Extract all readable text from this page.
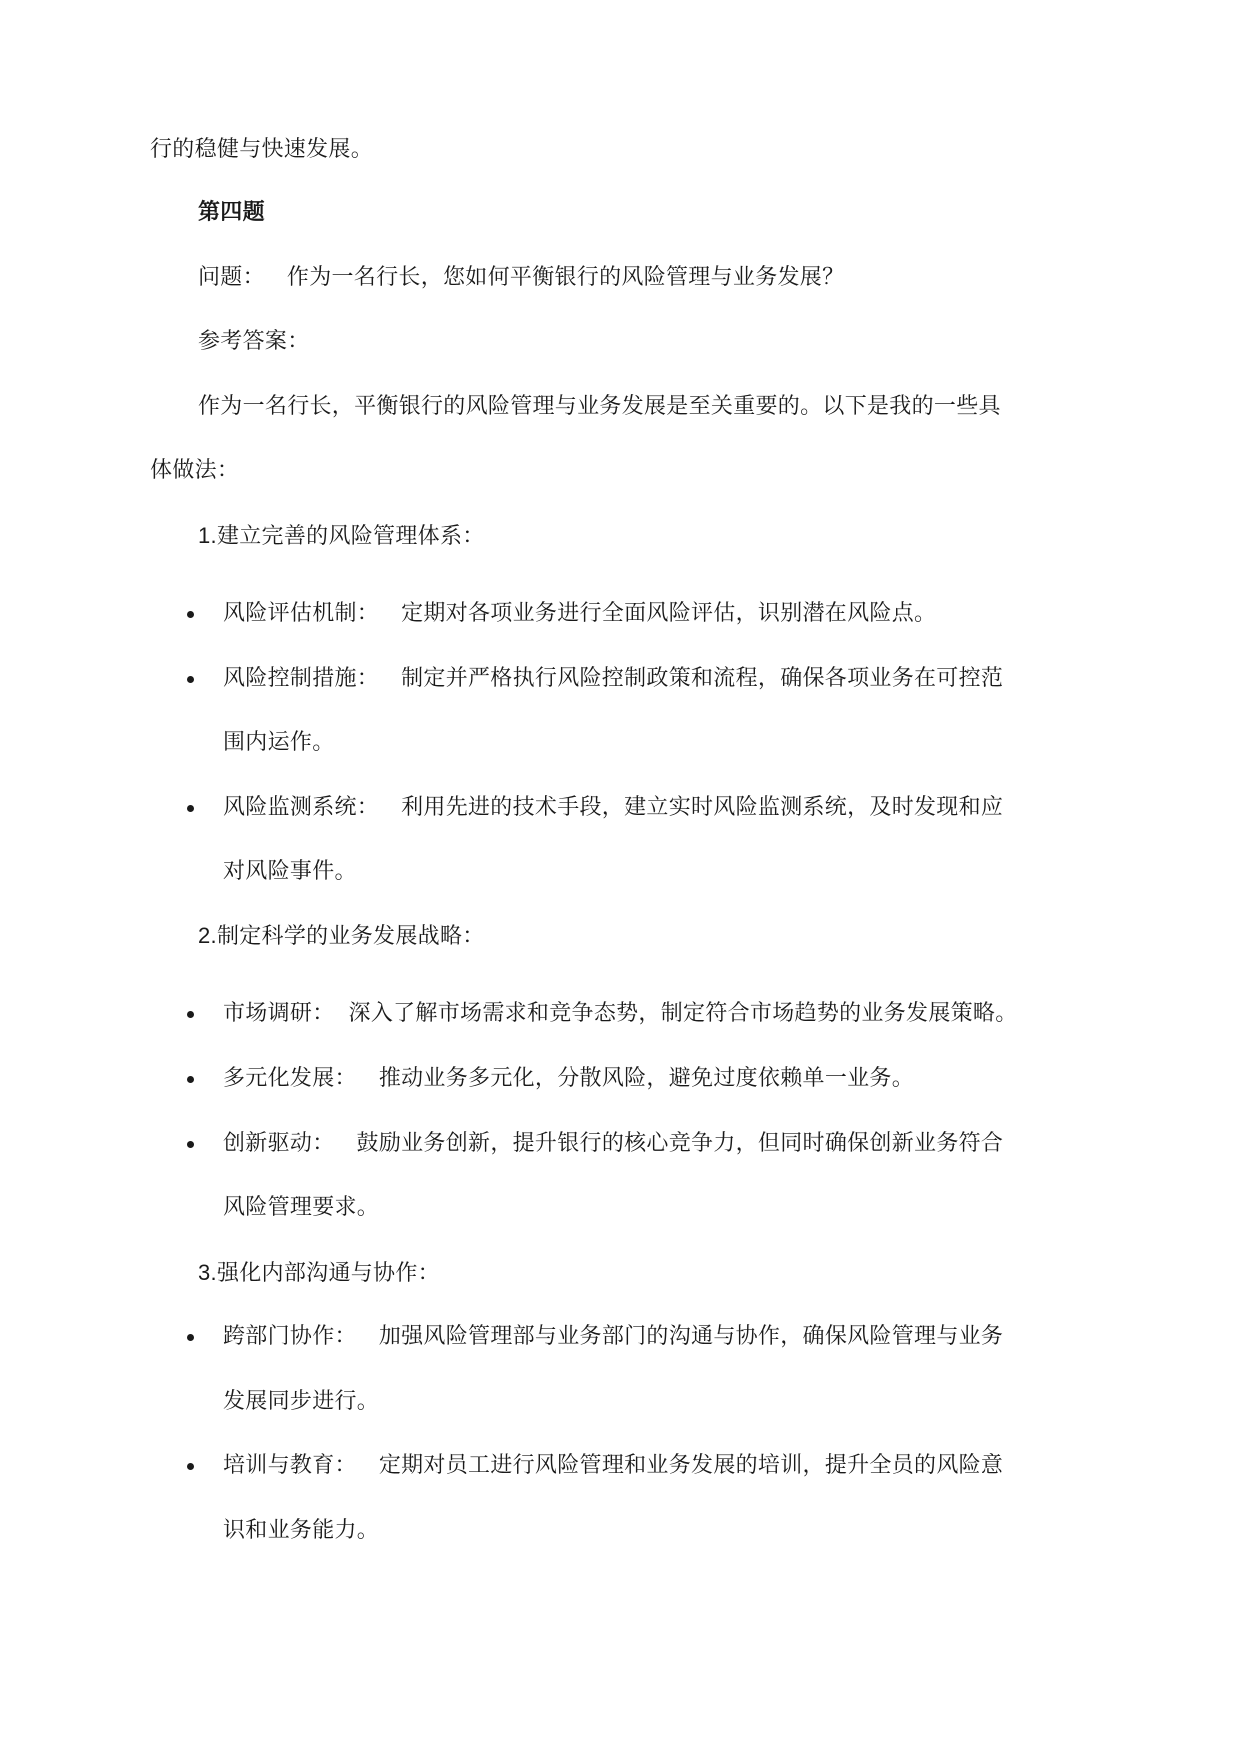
行的稳健与快速发展。
第四题
问题： 作为一名行长，您如何平衡银行的风险管理与业务发展？
参考答案：
作为一名行长，平衡银行的风险管理与业务发展是至关重要的。以下是我的一些具
体做法：
1.建立完善的风险管理体系：
风险评估机制： 定期对各项业务进行全面风险评估，识别潜在风险点。
风险控制措施： 制定并严格执行风险控制政策和流程，确保各项业务在可控范
围内运作。
风险监测系统： 利用先进的技术手段，建立实时风险监测系统，及时发现和应
对风险事件。
2.制定科学的业务发展战略：
市场调研： 深入了解市场需求和竞争态势，制定符合市场趋势的业务发展策略。
多元化发展： 推动业务多元化，分散风险，避免过度依赖单一业务。
创新驱动： 鼓励业务创新，提升银行的核心竞争力，但同时确保创新业务符合
风险管理要求。
3.强化内部沟通与协作：
跨部门协作： 加强风险管理部与业务部门的沟通与协作，确保风险管理与业务
发展同步进行。
培训与教育： 定期对员工进行风险管理和业务发展的培训，提升全员的风险意
识和业务能力。
